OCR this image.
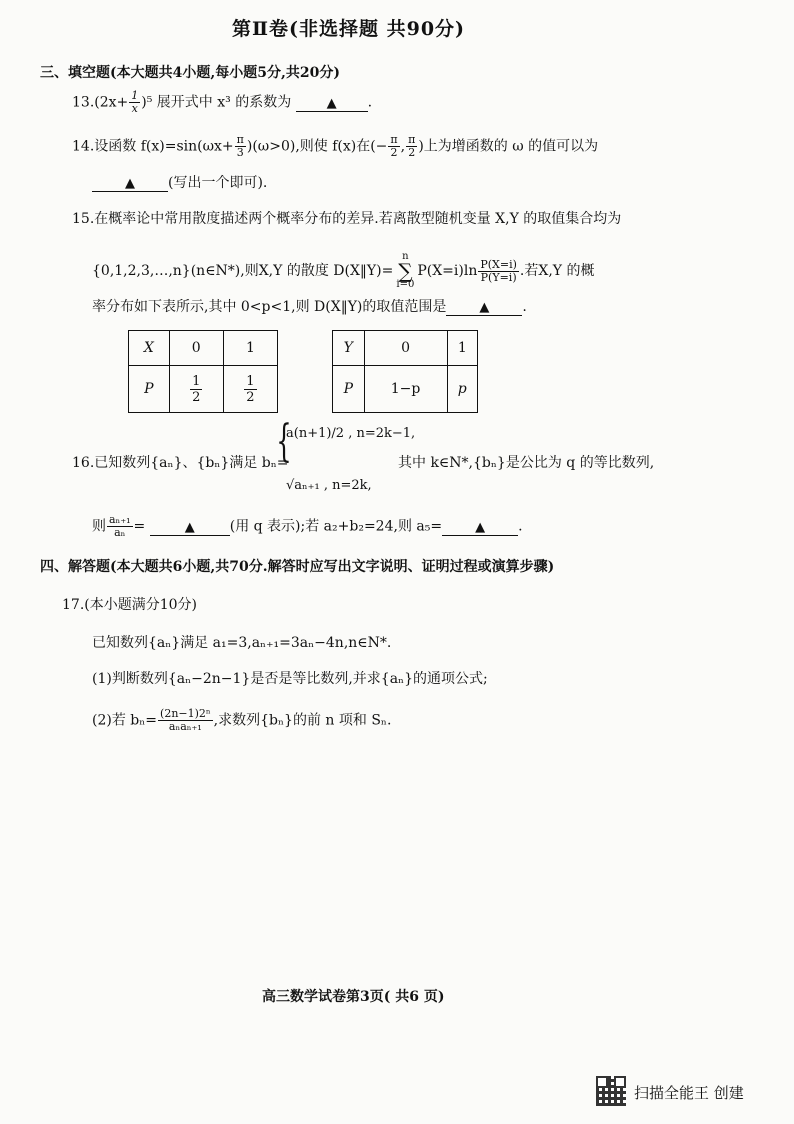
第Ⅱ卷(非选择题 共90分)
三、填空题(本大题共4小题,每小题5分,共20分)
$13.(2x+ \frac{1}{x} )^5$ 展开式中 x³ 的系数为	▲ .
14.设函数 $f(x)=\sin(\omega x+ \frac{\pi}{3} )(\omega>0)$,则使 f(x)在(− $\frac{\pi}{2}$ , $\frac{\pi}{2}$ )上为增函数的 ω 的值可以为
▲ (写出一个即可).
15.在概率论中常用散度描述两个概率分布的差异.若离散型随机变量 X,Y 的取值集合均为
{0,1,2,3,…,n}(n∈N*),则X,Y 的散度 D(X‖Y)=
n
∑
i=0
$P(X=i)\ln \frac{P(X=i)}{P(Y=i)}$ .若X,Y 的概
率分布如下表所示,其中 0<p<1,则 D(X‖Y)的取值范围是	▲ .
X	0	1
P	$\frac{1}{2}$	$\frac{1}{2}$
Y	0	1
P	1−p	p
16.已知数列{aₙ}、{bₙ}满足 bₙ=
{
a(n+1)/2 , n=2k−1,
√aₙ₊₁ , n=2k,
其中 k∈N*,{bₙ}是公比为 q 的等比数列,
则 $\frac{\text{aₙ₊₁}}{\text{aₙ}}$ =	▲	(用 q 表示);若 a₂+b₂=24,则 a₅=	▲ .
四、解答题(本大题共6小题,共70分.解答时应写出文字说明、证明过程或演算步骤)
17.(本小题满分10分)
已知数列{aₙ}满足 a₁=3,aₙ₊₁=3aₙ−4n,n∈N*.
(1)判断数列{aₙ−2n−1}是否是等比数列,并求{aₙ}的通项公式;
(2)若 $b_n= \frac{\text{(2n−1)2ⁿ}}{\text{aₙaₙ₊₁}}$ ,求数列{bₙ}的前 n 项和 Sₙ.
高三数学试卷第3页( 共6 页)
扫描全能王 创建
